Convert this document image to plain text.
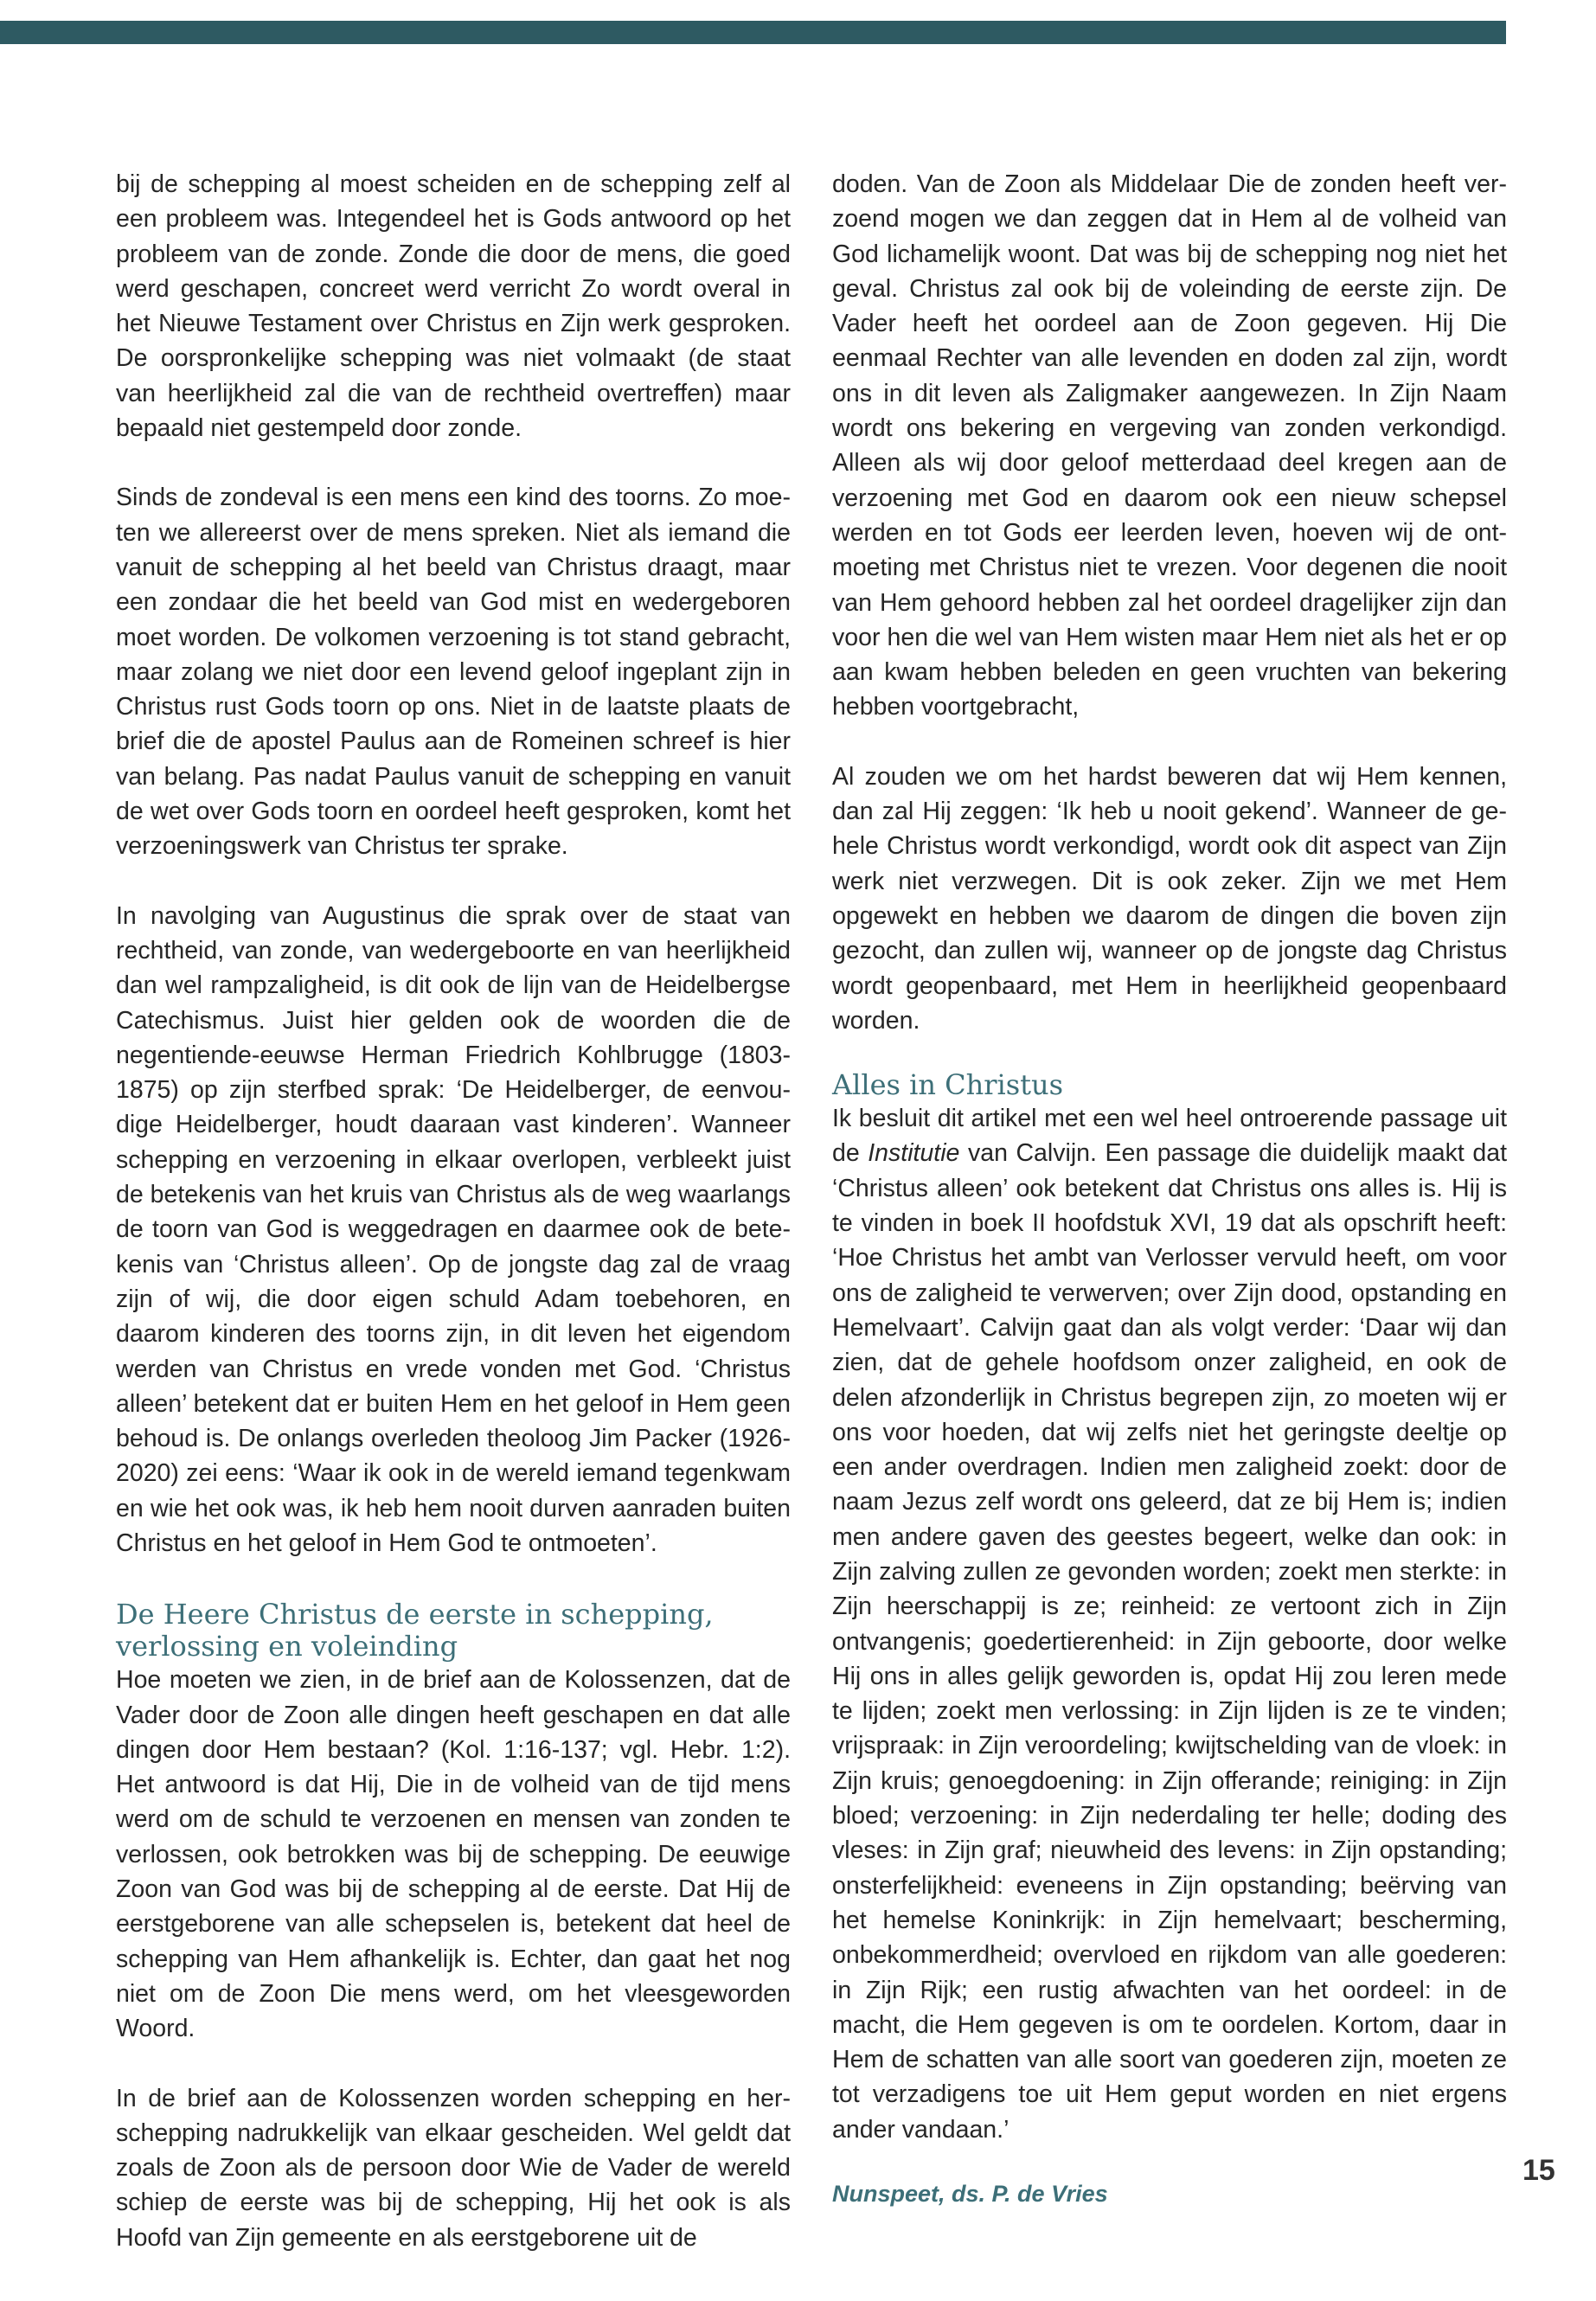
bij de schepping al moest scheiden en de schepping zelf al een probleem was. Integendeel het is Gods antwoord op het probleem van de zonde. Zonde die door de mens, die goed werd geschapen, concreet werd verricht Zo wordt overal in het Nieuwe Testament over Christus en Zijn werk gesproken. De oorspronkelijke schepping was niet volmaakt (de staat van heerlijkheid zal die van de rechtheid overtreffen) maar bepaald niet gestempeld door zonde.

Sinds de zondeval is een mens een kind des toorns. Zo moeten we allereerst over de mens spreken. Niet als iemand die vanuit de schepping al het beeld van Christus draagt, maar een zondaar die het beeld van God mist en wedergeboren moet worden. De volkomen verzoening is tot stand gebracht, maar zolang we niet door een levend geloof ingeplant zijn in Christus rust Gods toorn op ons. Niet in de laatste plaats de brief die de apostel Paulus aan de Romeinen schreef is hier van belang. Pas nadat Paulus vanuit de schepping en vanuit de wet over Gods toorn en oordeel heeft gesproken, komt het verzoeningswerk van Christus ter sprake.

In navolging van Augustinus die sprak over de staat van rechtheid, van zonde, van wedergeboorte en van heerlijkheid dan wel rampzaligheid, is dit ook de lijn van de Heidelbergse Catechismus. Juist hier gelden ook de woorden die de negentiende-eeuwse Herman Friedrich Kohlbrugge (1803-1875) op zijn sterfbed sprak: ‘De Heidelberger, de eenvoudige Heidelberger, houdt daaraan vast kinderen’. Wanneer schepping en verzoening in elkaar overlopen, verbleekt juist de betekenis van het kruis van Christus als de weg waarlangs de toorn van God is weggedragen en daarmee ook de betekenis van ‘Christus alleen’. Op de jongste dag zal de vraag zijn of wij, die door eigen schuld Adam toebehoren, en daarom kinderen des toorns zijn, in dit leven het eigendom werden van Christus en vrede vonden met God. ‘Christus alleen’ betekent dat er buiten Hem en het geloof in Hem geen behoud is. De onlangs overleden theoloog Jim Packer (1926-2020) zei eens: ‘Waar ik ook in de wereld iemand tegenkwam en wie het ook was, ik heb hem nooit durven aanraden buiten Christus en het geloof in Hem God te ontmoeten’.

De Heere Christus de eerste in schepping, verlossing en voleinding

Hoe moeten we zien, in de brief aan de Kolossenzen, dat de Vader door de Zoon alle dingen heeft geschapen en dat alle dingen door Hem bestaan? (Kol. 1:16-137; vgl. Hebr. 1:2). Het antwoord is dat Hij, Die in de volheid van de tijd mens werd om de schuld te verzoenen en mensen van zonden te verlossen, ook betrokken was bij de schepping. De eeuwige Zoon van God was bij de schepping al de eerste. Dat Hij de eerstgeborene van alle schepselen is, betekent dat heel de schepping van Hem afhankelijk is. Echter, dan gaat het nog niet om de Zoon Die mens werd, om het vleesgeworden Woord.

In de brief aan de Kolossenzen worden schepping en herschepping nadrukkelijk van elkaar gescheiden. Wel geldt dat zoals de Zoon als de persoon door Wie de Vader de wereld schiep de eerste was bij de schepping, Hij het ook is als Hoofd van Zijn gemeente en als eerstgeborene uit de

doden. Van de Zoon als Middelaar Die de zonden heeft verzoend mogen we dan zeggen dat in Hem al de volheid van God lichamelijk woont. Dat was bij de schepping nog niet het geval. Christus zal ook bij de voleinding de eerste zijn. De Vader heeft het oordeel aan de Zoon gegeven. Hij Die eenmaal Rechter van alle levenden en doden zal zijn, wordt ons in dit leven als Zaligmaker aangewezen. In Zijn Naam wordt ons bekering en vergeving van zonden verkondigd. Alleen als wij door geloof metterdaad deel kregen aan de verzoening met God en daarom ook een nieuw schepsel werden en tot Gods eer leerden leven, hoeven wij de ontmoeting met Christus niet te vrezen. Voor degenen die nooit van Hem gehoord hebben zal het oordeel dragelijker zijn dan voor hen die wel van Hem wisten maar Hem niet als het er op aan kwam hebben beleden en geen vruchten van bekering hebben voortgebracht,

Al zouden we om het hardst beweren dat wij Hem kennen, dan zal Hij zeggen: ‘Ik heb u nooit gekend’. Wanneer de gehele Christus wordt verkondigd, wordt ook dit aspect van Zijn werk niet verzwegen. Dit is ook zeker. Zijn we met Hem opgewekt en hebben we daarom de dingen die boven zijn gezocht, dan zullen wij, wanneer op de jongste dag Christus wordt geopenbaard, met Hem in heerlijkheid geopenbaard worden.

Alles in Christus

Ik besluit dit artikel met een wel heel ontroerende passage uit de Institutie van Calvijn. Een passage die duidelijk maakt dat ‘Christus alleen’ ook betekent dat Christus ons alles is. Hij is te vinden in boek II hoofdstuk XVI, 19 dat als opschrift heeft: ‘Hoe Christus het ambt van Verlosser vervuld heeft, om voor ons de zaligheid te verwerven; over Zijn dood, opstanding en Hemelvaart’. Calvijn gaat dan als volgt verder: ‘Daar wij dan zien, dat de gehele hoofdsom onzer zaligheid, en ook de delen afzonderlijk in Christus begrepen zijn, zo moeten wij er ons voor hoeden, dat wij zelfs niet het geringste deeltje op een ander overdragen. Indien men zaligheid zoekt: door de naam Jezus zelf wordt ons geleerd, dat ze bij Hem is; indien men andere gaven des geestes begeert, welke dan ook: in Zijn zalving zullen ze gevonden worden; zoekt men sterkte: in Zijn heerschappij is ze; reinheid: ze vertoont zich in Zijn ontvangenis; goedertierenheid: in Zijn geboorte, door welke Hij ons in alles gelijk geworden is, opdat Hij zou leren mede te lijden; zoekt men verlossing: in Zijn lijden is ze te vinden; vrijspraak: in Zijn veroordeling; kwijtschelding van de vloek: in Zijn kruis; genoegdoening: in Zijn offerande; reiniging: in Zijn bloed; verzoening: in Zijn nederdaling ter helle; doding des vleses: in Zijn graf; nieuwheid des levens: in Zijn opstanding; onsterfelijkheid: eveneens in Zijn opstanding; beërving van het hemelse Koninkrijk: in Zijn hemelvaart; bescherming, onbekommerdheid; overvloed en rijkdom van alle goederen: in Zijn Rijk; een rustig afwachten van het oordeel: in de macht, die Hem gegeven is om te oordelen. Kortom, daar in Hem de schatten van alle soort van goederen zijn, moeten ze tot verzadigens toe uit Hem geput worden en niet ergens ander vandaan.’

Nunspeet, ds. P. de Vries

15
